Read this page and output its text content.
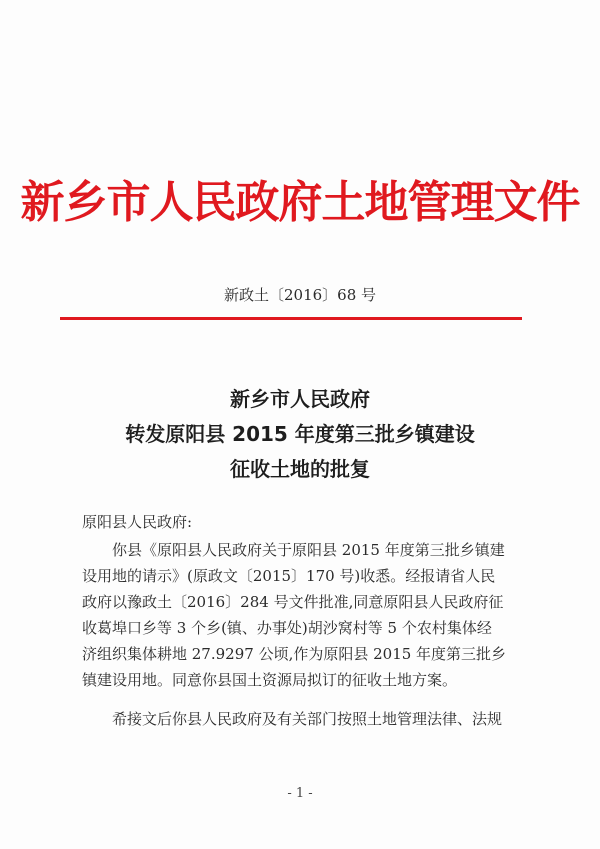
新乡市人民政府土地管理文件
新政土〔2016〕68 号
新乡市人民政府
转发原阳县 2015 年度第三批乡镇建设
征收土地的批复
原阳县人民政府:
你县《原阳县人民政府关于原阳县 2015 年度第三批乡镇建
设用地的请示》(原政文〔2015〕170 号)收悉。经报请省人民
政府以豫政土〔2016〕284 号文件批准,同意原阳县人民政府征
收葛埠口乡等 3 个乡(镇、办事处)胡沙窝村等 5 个农村集体经
济组织集体耕地 27.9297 公顷,作为原阳县 2015 年度第三批乡
镇建设用地。同意你县国土资源局拟订的征收土地方案。
希接文后你县人民政府及有关部门按照土地管理法律、法规
- 1 -
